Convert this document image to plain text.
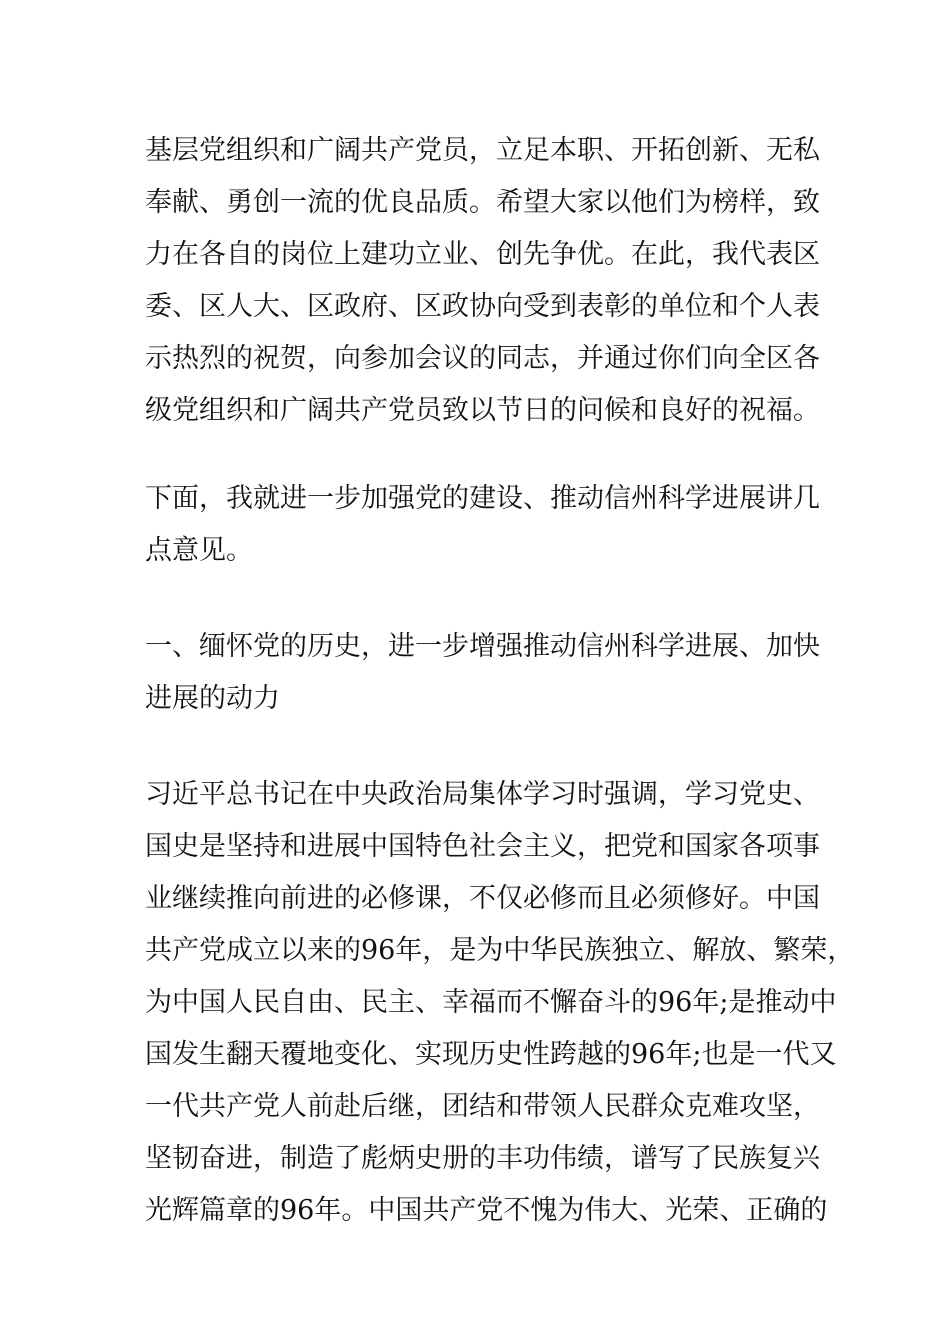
基层党组织和广阔共产党员，立足本职、开拓创新、无私
奉献、勇创一流的优良品质。希望大家以他们为榜样，致
力在各自的岗位上建功立业、创先争优。在此，我代表区
委、区人大、区政府、区政协向受到表彰的单位和个人表
示热烈的祝贺，向参加会议的同志，并通过你们向全区各
级党组织和广阔共产党员致以节日的问候和良好的祝福。
下面，我就进一步加强党的建设、推动信州科学进展讲几
点意见。
一、缅怀党的历史，进一步增强推动信州科学进展、加快
进展的动力
习近平总书记在中央政治局集体学习时强调，学习党史、
国史是坚持和进展中国特色社会主义，把党和国家各项事
业继续推向前进的必修课，不仅必修而且必须修好。中国
共产党成立以来的96年，是为中华民族独立、解放、繁荣，
为中国人民自由、民主、幸福而不懈奋斗的96年;是推动中
国发生翻天覆地变化、实现历史性跨越的96年;也是一代又
一代共产党人前赴后继，团结和带领人民群众克难攻坚，
坚韧奋进，制造了彪炳史册的丰功伟绩，谱写了民族复兴
光辉篇章的96年。中国共产党不愧为伟大、光荣、正确的
